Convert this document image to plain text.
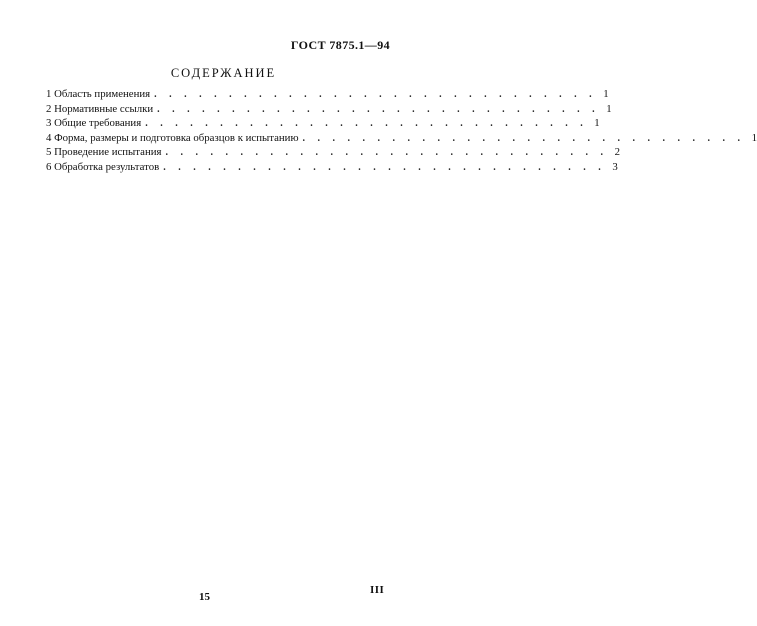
ГОСТ 7875.1—94
СОДЕРЖАНИЕ
1 Область применения . . . . . . . . . . . . . . . . . . . . . . . . . . . . . . 1
2 Нормативные ссылки . . . . . . . . . . . . . . . . . . . . . . . . . . . . . . 1
3 Общие требования . . . . . . . . . . . . . . . . . . . . . . . . . . . . . . 1
4 Форма, размеры и подготовка образцов к испытанию . . . . . . . . . . . . . . . . . . . . . . . . . . . . . . 1
5 Проведение испытания . . . . . . . . . . . . . . . . . . . . . . . . . . . . . . 2
6 Обработка результатов . . . . . . . . . . . . . . . . . . . . . . . . . . . . . . 3
15
III
